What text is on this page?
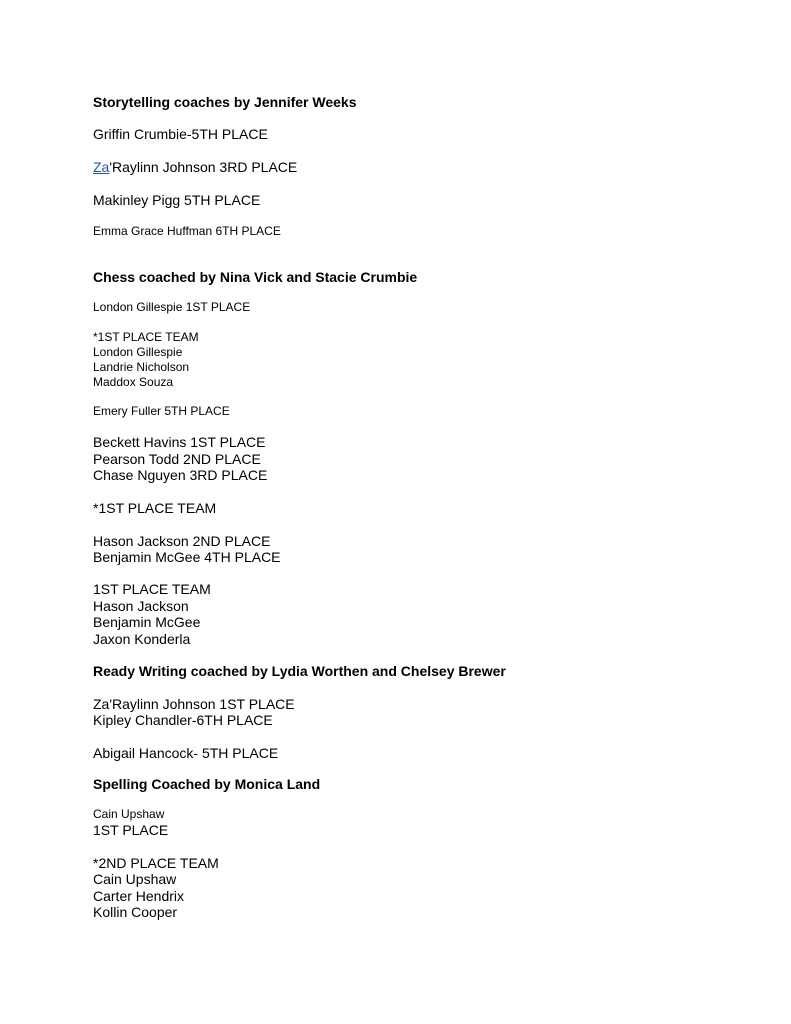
Storytelling coaches by Jennifer Weeks
Griffin Crumbie-5TH PLACE
Za'Raylinn Johnson 3RD PLACE
Makinley Pigg 5TH PLACE
Emma Grace Huffman 6TH PLACE
Chess coached by Nina Vick and Stacie Crumbie
London Gillespie 1ST PLACE
*1ST PLACE TEAM
London Gillespie
Landrie Nicholson
Maddox Souza
Emery Fuller 5TH PLACE
Beckett Havins 1ST PLACE
Pearson Todd 2ND PLACE
Chase Nguyen 3RD PLACE
*1ST PLACE TEAM
Hason Jackson 2ND PLACE
Benjamin McGee 4TH PLACE
1ST PLACE TEAM
Hason Jackson
Benjamin McGee
Jaxon Konderla
Ready Writing coached by Lydia Worthen and Chelsey Brewer
Za'Raylinn Johnson 1ST PLACE
Kipley Chandler-6TH PLACE
Abigail Hancock- 5TH PLACE
Spelling Coached by Monica Land
Cain Upshaw
1ST PLACE
*2ND PLACE TEAM
Cain Upshaw
Carter Hendrix
Kollin Cooper
